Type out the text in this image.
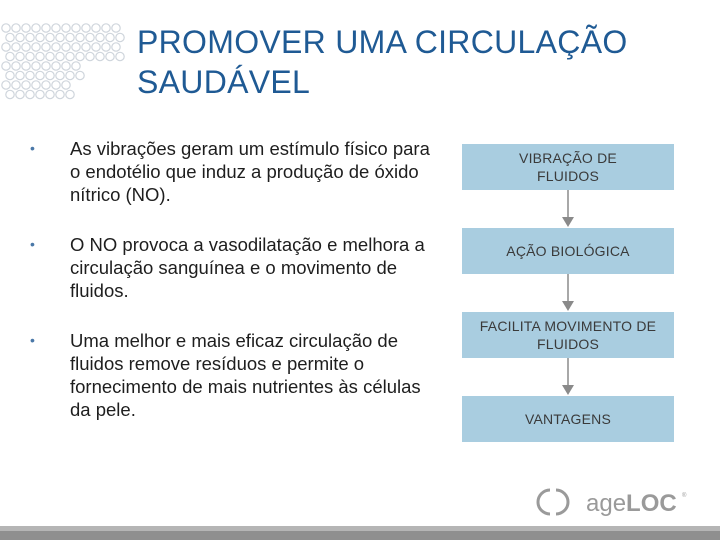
PROMOVER UMA CIRCULAÇÃO SAUDÁVEL
• As vibrações geram um estímulo físico para o endotélio que induz a produção de óxido nítrico (NO).
• O NO provoca a vasodilatação e melhora a circulação sanguínea e o movimento de fluidos.
• Uma melhor e mais eficaz circulação de fluidos remove resíduos e permite o fornecimento de mais nutrientes às células da pele.
VIBRAÇÃO DE FLUIDOS
AÇÃO BIOLÓGICA
FACILITA MOVIMENTO DE FLUIDOS
VANTAGENS
ageLOC ®
